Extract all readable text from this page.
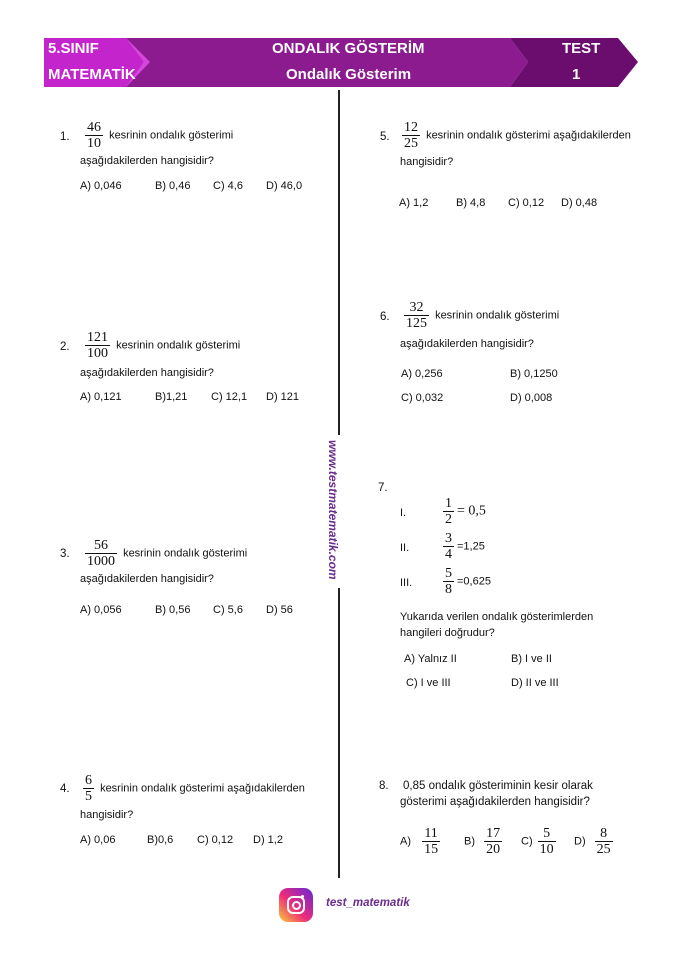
5.SINIF
MATEMATİK
ONDALIK GÖSTERİM
Ondalık Gösterim
TEST
1
www.testmatematik.com
1. $\frac{46}{10}$ kesrinin ondalık gösterimi
aşağıdakilerden hangisidir?
A) 0,046	B) 0,46 C) 4,6 D) 46,0
2. $\frac{121}{100}$ kesrinin ondalık gösterimi
aşağıdakilerden hangisidir?
A) 0,121	B)1,21 C) 12,1 D) 121
3. $\frac{56}{1000}$ kesrinin ondalık gösterimi
aşağıdakilerden hangisidir?
A) 0,056	B) 0,56 C) 5,6 D) 56
4. $\frac{6}{5}$ kesrinin ondalık gösterimi aşağıdakilerden
hangisidir?
A) 0,06	B)0,6 C) 0,12 D) 1,2
5. $\frac{12}{25}$ kesrinin ondalık gösterimi aşağıdakilerden
hangisidir?
A) 1,2	B) 4,8 C) 0,12 D) 0,48
6. $\frac{32}{125}$ kesrinin ondalık gösterimi
aşağıdakilerden hangisidir?
A) 0,256	B) 0,1250
C) 0,032	D) 0,008
7.
I.	$\frac{1}{2} = 0,5$
II. $\frac{3}{4} =1,25$
III. $\frac{5}{8} =0,625$
Yukarıda verilen ondalık gösterimlerden
hangileri doğrudur?
A) Yalnız II	B) I ve II
C) I ve III	D) II ve III
8. 0,85 ondalık gösteriminin kesir olarak
gösterimi aşağıdakilerden hangisidir?
$A) \frac{11}{15} B) \frac{17}{20} C) \frac{5}{10} D) \frac{8}{25}$
test_matematik
